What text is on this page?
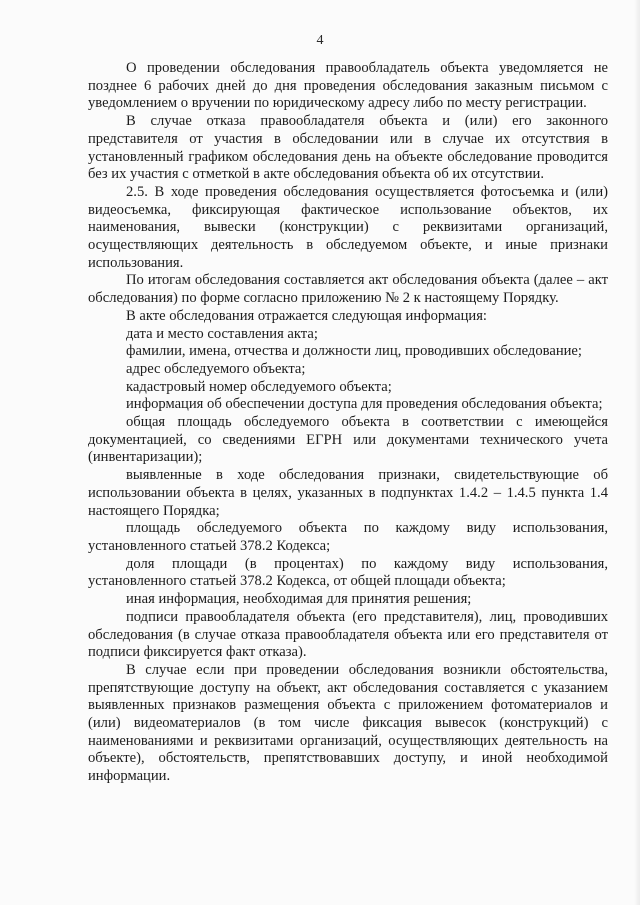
4

О проведении обследования правообладатель объекта уведомляется не позднее 6 рабочих дней до дня проведения обследования заказным письмом с уведомлением о вручении по юридическому адресу либо по месту регистрации.

В случае отказа правообладателя объекта и (или) его законного представителя от участия в обследовании или в случае их отсутствия в установленный графиком обследования день на объекте обследование проводится без их участия с отметкой в акте обследования объекта об их отсутствии.

2.5. В ходе проведения обследования осуществляется фотосъемка и (или) видеосъемка, фиксирующая фактическое использование объектов, их наименования, вывески (конструкции) с реквизитами организаций, осуществляющих деятельность в обследуемом объекте, и иные признаки использования.

По итогам обследования составляется акт обследования объекта (далее – акт обследования) по форме согласно приложению № 2 к настоящему Порядку.

В акте обследования отражается следующая информация:

дата и место составления акта;

фамилии, имена, отчества и должности лиц, проводивших обследование;

адрес обследуемого объекта;

кадастровый номер обследуемого объекта;

информация об обеспечении доступа для проведения обследования объекта;

общая площадь обследуемого объекта в соответствии с имеющейся документацией, со сведениями ЕГРН или документами технического учета (инвентаризации);

выявленные в ходе обследования признаки, свидетельствующие об использовании объекта в целях, указанных в подпунктах 1.4.2 – 1.4.5 пункта 1.4 настоящего Порядка;

площадь обследуемого объекта по каждому виду использования, установленного статьей 378.2 Кодекса;

доля площади (в процентах) по каждому виду использования, установленного статьей 378.2 Кодекса, от общей площади объекта;

иная информация, необходимая для принятия решения;

подписи правообладателя объекта (его представителя), лиц, проводивших обследования (в случае отказа правообладателя объекта или его представителя от подписи фиксируется факт отказа).

В случае если при проведении обследования возникли обстоятельства, препятствующие доступу на объект, акт обследования составляется с указанием выявленных признаков размещения объекта с приложением фотоматериалов и (или) видеоматериалов (в том числе фиксация вывесок (конструкций) с наименованиями и реквизитами организаций, осуществляющих деятельность на объекте), обстоятельств, препятствовавших доступу, и иной необходимой информации.
